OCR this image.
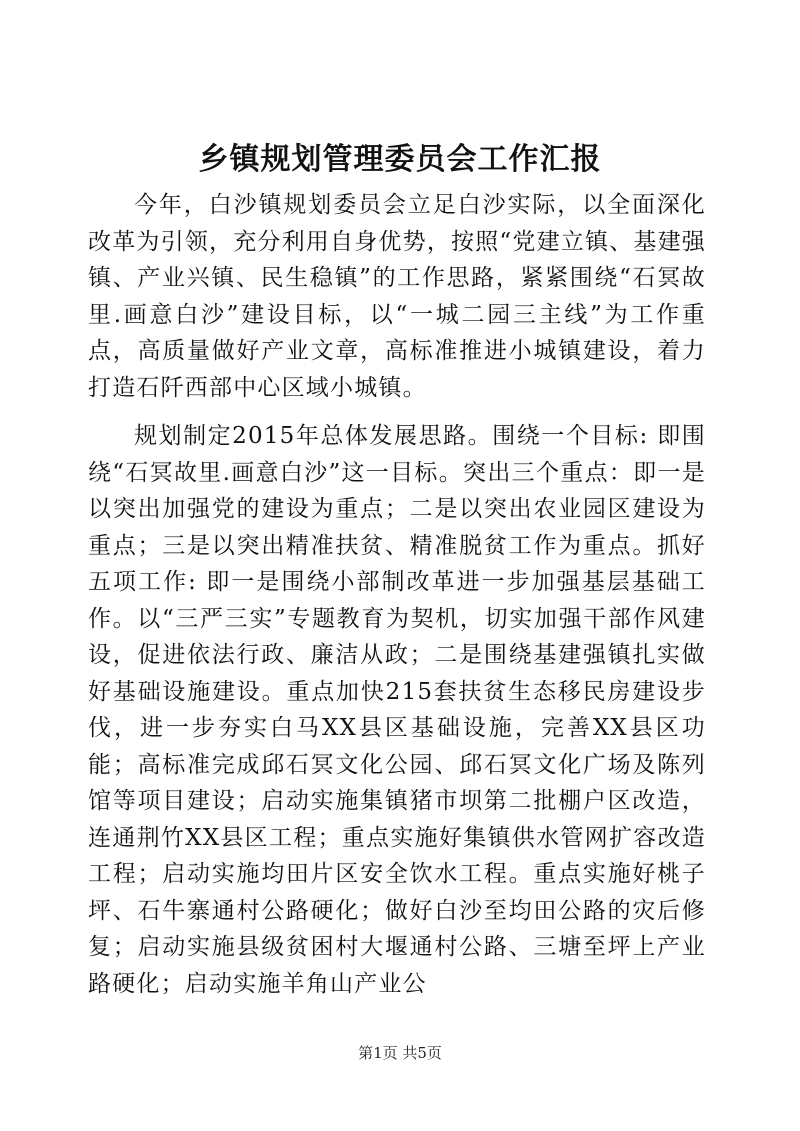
乡镇规划管理委员会工作汇报

今年，白沙镇规划委员会立足白沙实际，以全面深化改革为引领，充分利用自身优势，按照“党建立镇、基建强镇、产业兴镇、民生稳镇”的工作思路，紧紧围绕“石冥故里.画意白沙”建设目标，以“一城二园三主线”为工作重点，高质量做好产业文章，高标准推进小城镇建设，着力打造石阡西部中心区域小城镇。

规划制定2015年总体发展思路。围绕一个目标: 即围绕“石冥故里.画意白沙”这一目标。突出三个重点：即一是以突出加强党的建设为重点；二是以突出农业园区建设为重点；三是以突出精准扶贫、精准脱贫工作为重点。抓好五项工作: 即一是围绕小部制改革进一步加强基层基础工作。以“三严三实”专题教育为契机，切实加强干部作风建设，促进依法行政、廉洁从政；二是围绕基建强镇扎实做好基础设施建设。重点加快215套扶贫生态移民房建设步伐，进一步夯实白马XX县区基础设施，完善XX县区功能；高标准完成邱石冥文化公园、邱石冥文化广场及陈列馆等项目建设；启动实施集镇猪市坝第二批棚户区改造，连通荆竹XX县区工程；重点实施好集镇供水管网扩容改造工程；启动实施均田片区安全饮水工程。重点实施好桃子坪、石牛寨通村公路硬化；做好白沙至均田公路的灾后修复；启动实施县级贫困村大堰通村公路、三塘至坪上产业路硬化；启动实施羊角山产业公

第1页 共5页
